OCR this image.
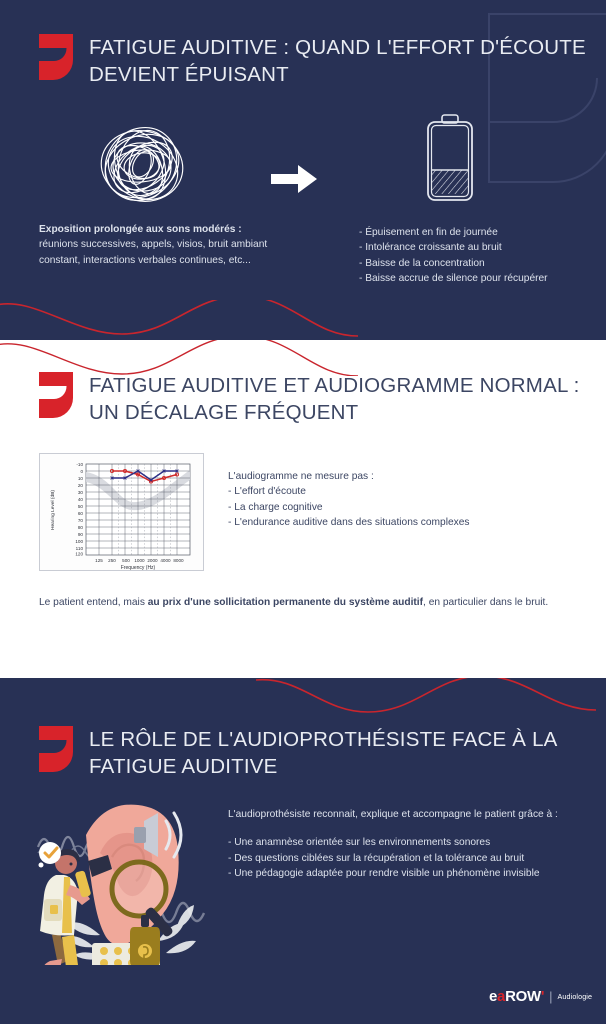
FATIGUE AUDITIVE : QUAND L'EFFORT D'ÉCOUTE DEVIENT ÉPUISANT
Exposition prolongée aux sons modérés :
réunions successives, appels, visios, bruit ambiant constant, interactions verbales continues, etc...
- Épuisement en fin de journée
- Intolérance croissante au bruit
- Baisse de la concentration
- Baisse accrue de silence pour récupérer
FATIGUE AUDITIVE ET AUDIOGRAMME NORMAL : UN DÉCALAGE FRÉQUENT
-10
0
10
20
30
40
50
60
70
80
90
100
110
120
Hearing Level (dB)
125 250 500 1000 2000 4000 8000
Frequency (Hz)
L'audiogramme ne mesure pas :
- L'effort d'écoute
- La charge cognitive
- L'endurance auditive dans des situations complexes
Le patient entend, mais au prix d'une sollicitation permanente du système auditif, en particulier dans le bruit.
LE RÔLE DE L'AUDIOPROTHÉSISTE FACE À LA FATIGUE AUDITIVE
L'audioprothésiste reconnait, explique et accompagne le patient grâce à :
- Une anamnèse orientée sur les environnements sonores
- Des questions ciblées sur la récupération et la tolérance au bruit
- Une pédagogie adaptée pour rendre visible un phénomène invisible
eaROW' | Audiologie
